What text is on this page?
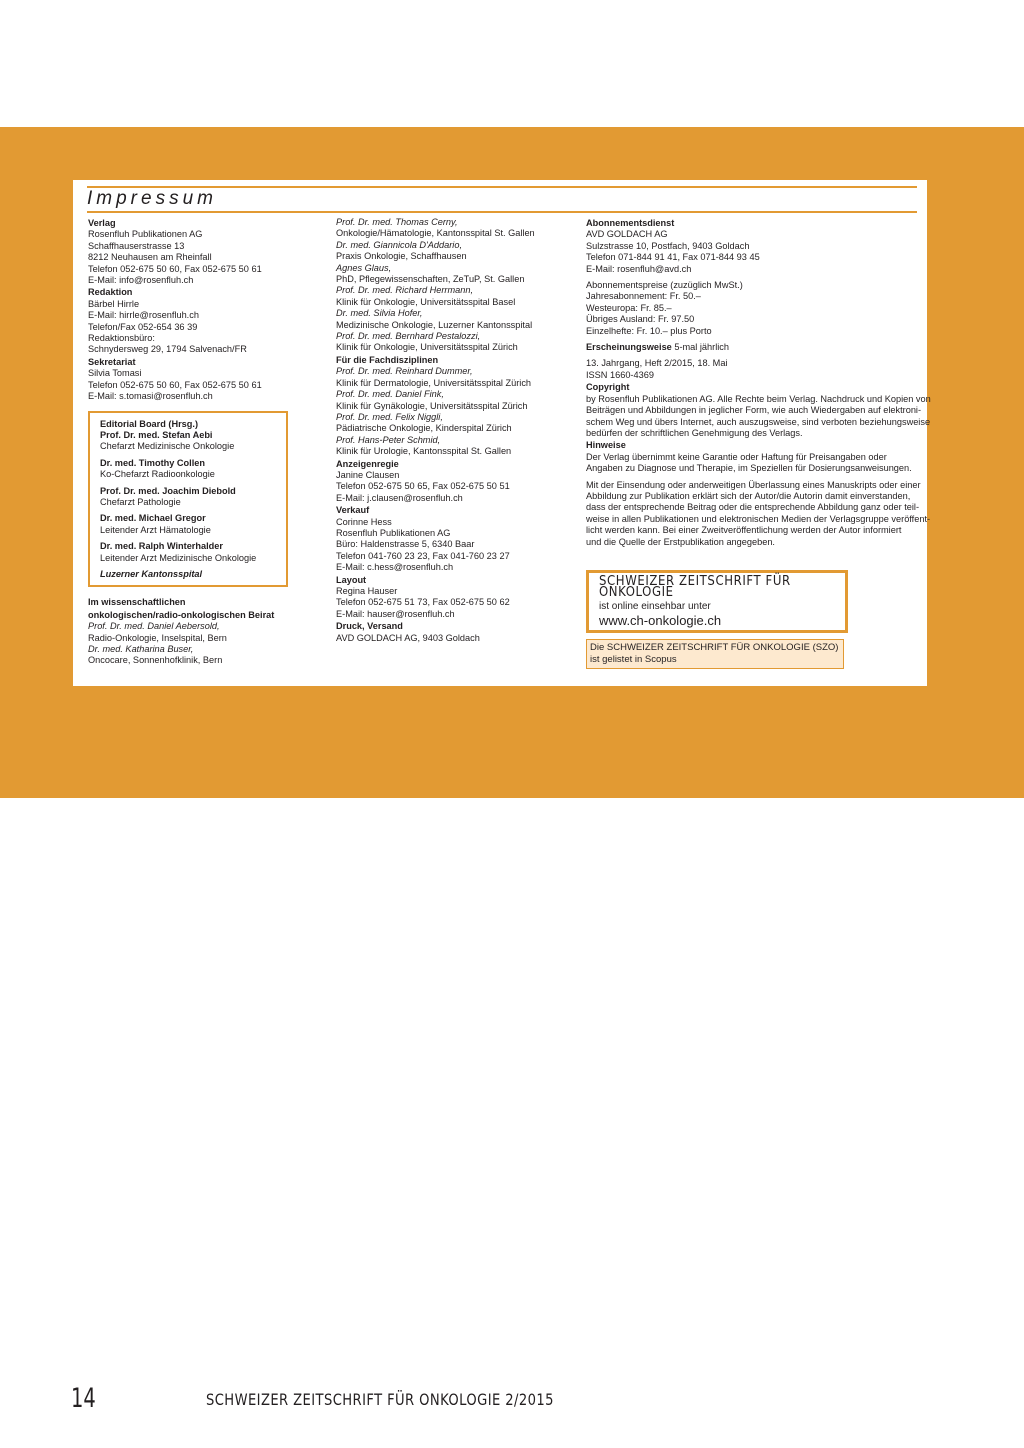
Impressum
Verlag
Rosenfluh Publikationen AG
Schaffhauserstrasse 13
8212 Neuhausen am Rheinfall
Telefon 052-675 50 60, Fax 052-675 50 61
E-Mail: info@rosenfluh.ch
Redaktion
Bärbel Hirrle
E-Mail: hirrle@rosenfluh.ch
Telefon/Fax 052-654 36 39
Redaktionsbüro:
Schnydersweg 29, 1794 Salvenach/FR
Sekretariat
Silvia Tomasi
Telefon 052-675 50 60, Fax 052-675 50 61
E-Mail: s.tomasi@rosenfluh.ch
Editorial Board (Hrsg.)
Prof. Dr. med. Stefan Aebi
Chefarzt Medizinische Onkologie
Dr. med. Timothy Collen
Ko-Chefarzt Radioonkologie
Prof. Dr. med. Joachim Diebold
Chefarzt Pathologie
Dr. med. Michael Gregor
Leitender Arzt Hämatologie
Dr. med. Ralph Winterhalder
Leitender Arzt Medizinische Onkologie
Luzerner Kantonsspital
Im wissenschaftlichen
onkologischen/radio-onkologischen Beirat
Prof. Dr. med. Daniel Aebersold,
Radio-Onkologie, Inselspital, Bern
Dr. med. Katharina Buser,
Oncocare, Sonnenhofklinik, Bern
Prof. Dr. med. Thomas Cerny,
Onkologie/Hämatologie, Kantonsspital St. Gallen
Dr. med. Giannicola D'Addario,
Praxis Onkologie, Schaffhausen
Agnes Glaus,
PhD, Pflegewissenschaften, ZeTuP, St. Gallen
Prof. Dr. med. Richard Herrmann,
Klinik für Onkologie, Universitätsspital Basel
Dr. med. Silvia Hofer,
Medizinische Onkologie, Luzerner Kantonsspital
Prof. Dr. med. Bernhard Pestalozzi,
Klinik für Onkologie, Universitätsspital Zürich
Für die Fachdisziplinen
Prof. Dr. med. Reinhard Dummer,
Klinik für Dermatologie, Universitätsspital Zürich
Prof. Dr. med. Daniel Fink,
Klinik für Gynäkologie, Universitätsspital Zürich
Prof. Dr. med. Felix Niggli,
Pädiatrische Onkologie, Kinderspital Zürich
Prof. Hans-Peter Schmid,
Klinik für Urologie, Kantonsspital St. Gallen
Anzeigenregie
Janine Clausen
Telefon 052-675 50 65, Fax 052-675 50 51
E-Mail: j.clausen@rosenfluh.ch
Verkauf
Corinne Hess
Rosenfluh Publikationen AG
Büro: Haldenstrasse 5, 6340 Baar
Telefon 041-760 23 23, Fax 041-760 23 27
E-Mail: c.hess@rosenfluh.ch
Layout
Regina Hauser
Telefon 052-675 51 73, Fax 052-675 50 62
E-Mail: hauser@rosenfluh.ch
Druck, Versand
AVD GOLDACH AG, 9403 Goldach
Abonnementsdienst
AVD GOLDACH AG
Sulzstrasse 10, Postfach, 9403 Goldach
Telefon 071-844 91 41, Fax 071-844 93 45
E-Mail: rosenfluh@avd.ch
Abonnementspreise (zuzüglich MwSt.)
Jahresabonnement: Fr. 50.–
Westeuropa: Fr. 85.–
Übriges Ausland: Fr. 97.50
Einzelhefte: Fr. 10.– plus Porto
Erscheinungsweise 5-mal jährlich
13. Jahrgang, Heft 2/2015, 18. Mai
ISSN 1660-4369
Copyright
by Rosenfluh Publikationen AG. Alle Rechte beim Verlag. Nachdruck und Kopien von
Beiträgen und Abbildungen in jeglicher Form, wie auch Wiedergaben auf elektroni-
schem Weg und übers Internet, auch auszugsweise, sind verboten beziehungsweise
bedürfen der schriftlichen Genehmigung des Verlags.
Hinweise
Der Verlag übernimmt keine Garantie oder Haftung für Preisangaben oder
Angaben zu Diagnose und Therapie, im Speziellen für Dosierungsanweisungen.
Mit der Einsendung oder anderweitigen Überlassung eines Manuskripts oder einer
Abbildung zur Publikation erklärt sich der Autor/die Autorin damit einverstanden,
dass der entsprechende Beitrag oder die entsprechende Abbildung ganz oder teil-
weise in allen Publikationen und elektronischen Medien der Verlagsgruppe veröffent-
licht werden kann. Bei einer Zweitveröffentlichung werden der Autor informiert
und die Quelle der Erstpublikation angegeben.
SCHWEIZER ZEITSCHRIFT FÜR ONKOLOGIE
ist online einsehbar unter
www.ch-onkologie.ch
Die SCHWEIZER ZEITSCHRIFT FÜR ONKOLOGIE (SZO)
ist gelistet in Scopus
14	SCHWEIZER ZEITSCHRIFT FÜR ONKOLOGIE 2/2015
